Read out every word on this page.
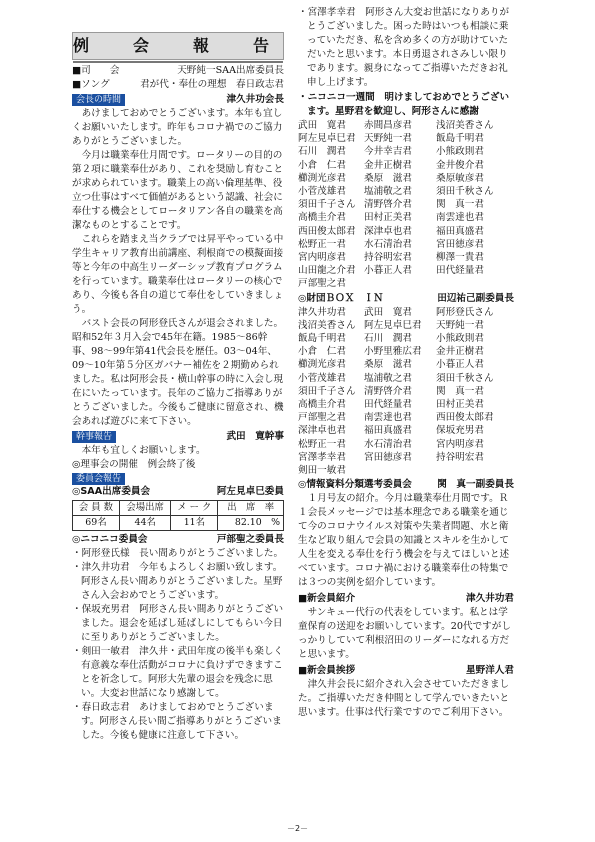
例　会　報　告
■ 司　　会	天野純一SAA出席委員長
■ ソング	君が代・奉仕の理想　春日政志君
会長の時間	津久井功会長

あけましておめでとうございます。本年も宜しくお願いいたします。昨年もコロナ禍でのご協力ありがとうございました。

今月は職業奉仕月間です。ロータリーの目的の第２項に職業奉仕があり、これを奨励し育むことが求められています。職業上の高い倫理基準、役立つ仕事はすべて価値があるという認識、社会に奉仕する機会としてロータリアン各自の職業を高潔なものとすることです。

これらを踏まえ当クラブでは昇平やっている中学生キャリア教育出前講座、利根商での模擬面接等と今年の中高生リーダーシップ教育プログラムを行っています。職業奉仕はロータリーの核心であり、今後も各自の道じて奉仕をしていきましょう。

バスト会長の阿形登氏さんが退会されました。昭和52年３月入会で45年在籍。1985～86幹事、98～99年第41代会長を歴任。03～04年、09～10年第５分区ガバナー補佐を２期勤められました。私は阿形会長・横山幹事の時に入会し現在にいたっています。長年のご協力ご指導ありがとうございました。今後もご健康に留意され、機会あれば遊びに来て下さい。

幹事報告	武田　寛幹事

本年も宜しくお願いします。

◎理事会の開催　例会終了後

委員会報告
◎SAA出席委員会	阿左見卓巳委員
会 員 数	会場出席	メ ー ク	出　席　率
69名	44名	11名	82.10　%
◎ニコニコ委員会	戸部聖之委員長

・阿形登氏様　長い間ありがとうございました。

・津久井功君　今年もよろしくお願い致します。阿形さん長い間ありがとうございました。星野さん入会おめでとうございます。

・保坂充男君　阿形さん長い間ありがとうございました。退会を延ばし延ばしにしてもらい今日に至りありがとうございました。

・剣田一敏君　津久井・武田年度の後半も楽しく有意義な奉仕活動がコロナに負けずできますことを祈念して。阿形大先輩の退会を残念に思い。大変お世話になり感謝して。

・春日政志君　あけましておめでとうございます。阿形さん長い間ご指導ありがとうございました。今後も健康に注意して下さい。

・宮澤孝幸君　阿形さん大変お世話になりありがとうございました。困った時はいつも相談に乗っていただき、私を含め多くの方が助けていただいたと思います。本日勇退されさみしい限りであります。親身になってご指導いただきお礼申し上げます。

・ニコニコ一週間　明けましておめでとうございます。星野君を歓迎し、阿形さんに感謝
武田　寛君	赤間昌彦君	浅沼美香さん
阿左見卓巳君 天野純一君	飯島千明君
石川　潤君	今井幸吉君	小熊政則君
小倉　仁君	金井正樹君	金井俊介君
櫛渕光彦君	桑原　滋君	桑原敏彦君
小菅茂雄君	塩浦敬之君	須田千秋さん
須田千子さん 清野啓介君	関　真一君
高橋圭介君	田村正美君	南雲達也君
西田俊太郎君 深津卓也君	福田真盛君
松野正一君	水石清治君	宮田徳彦君
宮内明彦君	持谷明宏君	柳澤一貴君
山田龍之介君 小暮正人君	田代経量君
戸部聖之君
◎財団ＢＯＸ　ＩＮ	田辺祐己副委員長
津久井功君	武田　寛君	阿形登氏さん
浅沼美香さん 阿左見卓巳君	天野純一君
飯島千明君	石川　潤君	小熊政則君
小倉　仁君	小野里雅広君	金井正樹君
櫛渕光彦君	桑原　滋君	小暮正人君
小菅茂雄君	塩浦敬之君	須田千秋さん
須田千子さん 清野啓介君	関　真一君
高橋圭介君	田代経量君	田村正美君
戸部聖之君	南雲達也君	西田俊太郎君
深津卓也君	福田真盛君	保坂充男君
松野正一君	水石清治君	宮内明彦君
宮澤孝幸君	宮田徳彦君	持谷明宏君
剣田一敏君
◎情報資料分類選考委員会	関　真一副委員長

１月号友の紹介。今月は職業奉仕月間です。Ｒ１会長メッセージでは基本理念である職業を通じて今のコロナウイルス対策や失業者問題、水と衛生など取り組んで会員の知識とスキルを生かして人生を変える奉仕を行う機会を与えてほしいと述べています。コロナ禍における職業奉仕の特集では３つの実例を紹介しています。

■新会員紹介	津久井功君

サンキュー代行の代表をしています。私とは学童保育の送迎をお願いしています。20代ですがしっかりしていて利根沼田のリーダーになれる方だと思います。

■新会員挨拶	星野洋人君

津久井会長に紹介され入会させていただきました。ご指導いただき仲間として学んでいきたいと思います。仕事は代行業ですのでご利用下さい。

－2－
